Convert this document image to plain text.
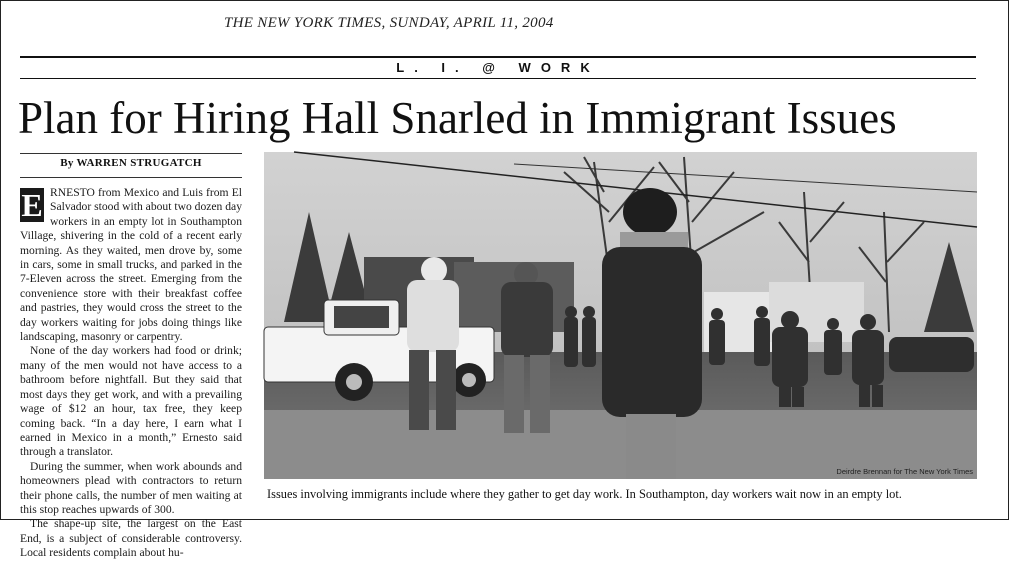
THE NEW YORK TIMES, SUNDAY, APRIL 11, 2004
L. I. @ WORK
Plan for Hiring Hall Snarled in Immigrant Issues
By WARREN STRUGATCH

E RNESTO from Mexico and Luis from El Salvador stood with about two dozen day workers in an empty lot in Southampton Village, shivering in the cold of a recent early morning. As they waited, men drove by, some in cars, some in small trucks, and parked in the 7-Eleven across the street. Emerging from the convenience store with their breakfast coffee and pastries, they would cross the street to the day workers waiting for jobs doing things like landscaping, masonry or carpentry.

None of the day workers had food or drink; many of the men would not have access to a bathroom before nightfall. But they said that most days they get work, and with a prevailing wage of $12 an hour, tax free, they keep coming back. “In a day here, I earn what I earned in Mexico in a month,” Ernesto said through a translator.

During the summer, when work abounds and homeowners plead with contractors to return their phone calls, the number of men waiting at this stop reaches upwards of 300.

The shape-up site, the largest on the East End, is a subject of considerable controversy. Local residents complain about hu-

Deirdre Brennan for The New York Times
Issues involving immigrants include where they gather to get day work. In Southampton, day workers wait now in an empty lot.
